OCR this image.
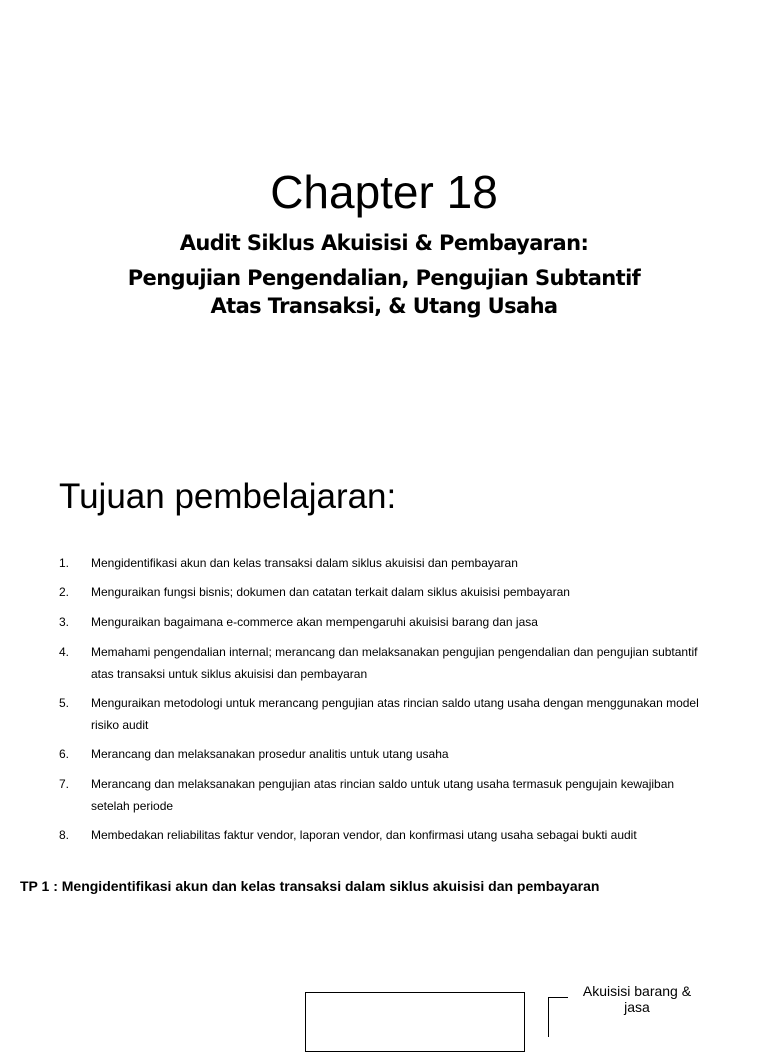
Chapter 18
Audit Siklus Akuisisi & Pembayaran:
Pengujian Pengendalian, Pengujian Subtantif
Atas Transaksi, & Utang Usaha
Tujuan pembelajaran:
1.	Mengidentifikasi akun dan kelas transaksi dalam siklus akuisisi dan pembayaran
2.	Menguraikan fungsi bisnis; dokumen dan catatan terkait dalam siklus akuisisi pembayaran
3.	Menguraikan bagaimana e-commerce akan mempengaruhi akuisisi barang dan jasa
4.	Memahami pengendalian internal; merancang dan melaksanakan pengujian pengendalian dan pengujian subtantif atas transaksi untuk siklus akuisisi dan pembayaran
5.	Menguraikan metodologi untuk merancang pengujian atas rincian saldo utang usaha dengan menggunakan model risiko audit
6.	Merancang dan melaksanakan prosedur analitis untuk utang usaha
7.	Merancang dan melaksanakan pengujian atas rincian saldo untuk utang usaha termasuk pengujain kewajiban setelah periode
8.	Membedakan reliabilitas faktur vendor, laporan vendor, dan konfirmasi utang usaha sebagai bukti audit
TP 1 : Mengidentifikasi akun dan kelas transaksi dalam siklus akuisisi dan pembayaran
Akuisisi barang & jasa
